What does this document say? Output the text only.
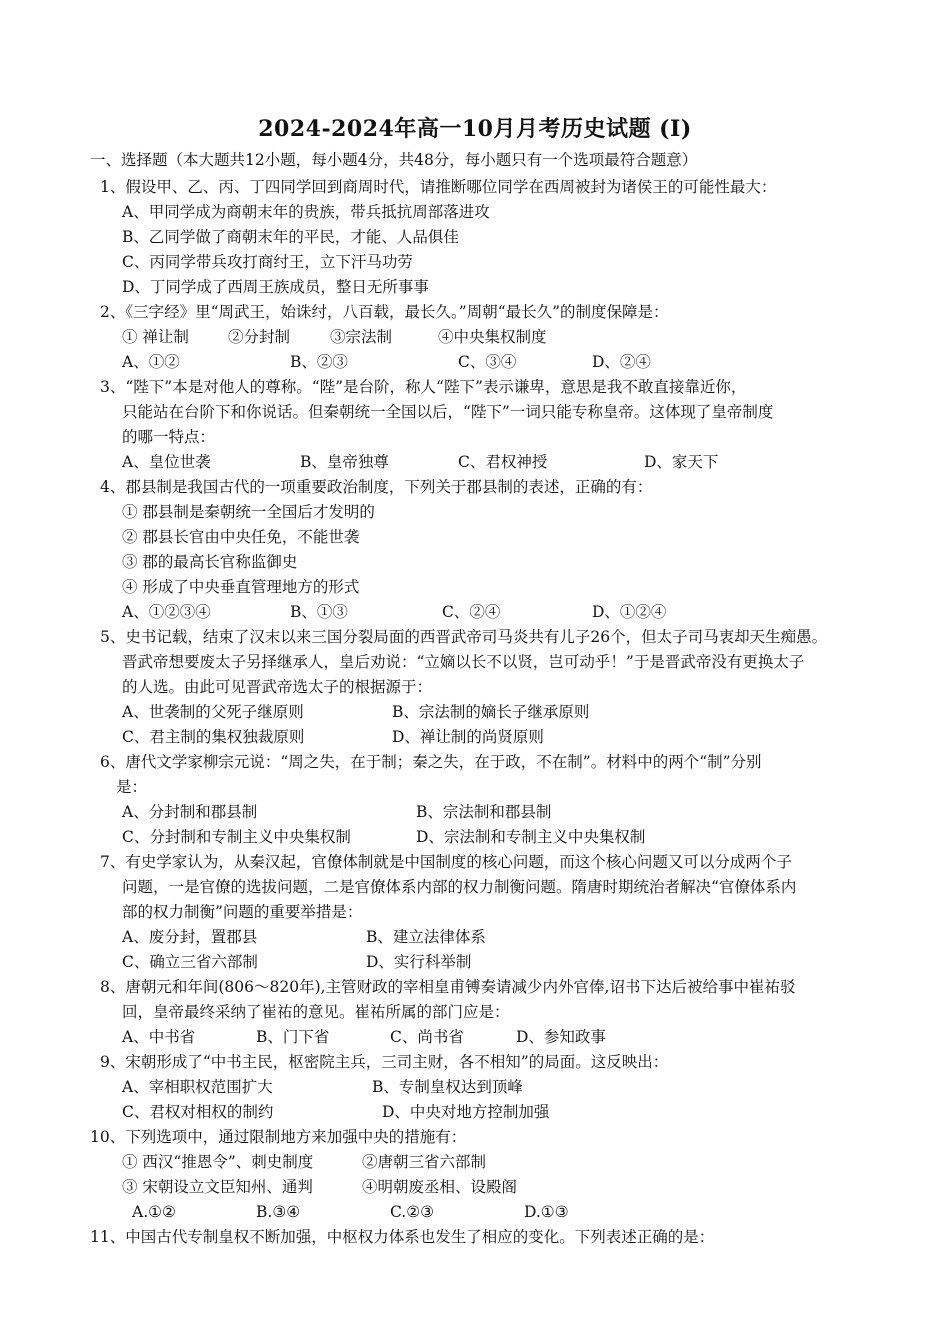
2024-2024年高一10月月考历史试题 (I)
一、选择题（本大题共12小题，每小题4分，共48分，每小题只有一个选项最符合题意）
1、假设甲、乙、丙、丁四同学回到商周时代，请推断哪位同学在西周被封为诸侯王的可能性最大：
A、甲同学成为商朝末年的贵族，带兵抵抗周部落进攻
B、乙同学做了商朝末年的平民，才能、人品俱佳
C、丙同学带兵攻打商纣王，立下汗马功劳
D、丁同学成了西周王族成员，整日无所事事
2、《三字经》里“周武王，始诛纣，八百载，最长久。”周朝“最长久”的制度保障是：
① 禅让制	②分封制	③宗法制	④中央集权制度
A、①②	B、②③	C、③④	D、②④
3、“陛下”本是对他人的尊称。“陛”是台阶，称人“陛下”表示谦卑，意思是我不敢直接靠近你，
只能站在台阶下和你说话。但秦朝统一全国以后，“陛下”一词只能专称皇帝。这体现了皇帝制度
的哪一特点：
A、皇位世袭	B、皇帝独尊	C、君权神授	D、家天下
4、郡县制是我国古代的一项重要政治制度，下列关于郡县制的表述，正确的有：
① 郡县制是秦朝统一全国后才发明的
② 郡县长官由中央任免，不能世袭
③ 郡的最高长官称监御史
④ 形成了中央垂直管理地方的形式
A、①②③④	B、①③	C、②④	D、①②④
5、史书记载，结束了汉末以来三国分裂局面的西晋武帝司马炎共有儿子26个，但太子司马衷却天生痴愚。
晋武帝想要废太子另择继承人，皇后劝说：“立嫡以长不以贤，岂可动乎！”于是晋武帝没有更换太子
的人选。由此可见晋武帝选太子的根据源于：
A、世袭制的父死子继原则	B、宗法制的嫡长子继承原则
C、君主制的集权独裁原则	D、禅让制的尚贤原则
6、唐代文学家柳宗元说：“周之失，在于制；秦之失，在于政，不在制”。材料中的两个“制”分别
是：
A、分封制和郡县制	B、宗法制和郡县制
C、分封制和专制主义中央集权制	D、宗法制和专制主义中央集权制
7、有史学家认为，从秦汉起，官僚体制就是中国制度的核心问题，而这个核心问题又可以分成两个子
问题，一是官僚的选拔问题，二是官僚体系内部的权力制衡问题。隋唐时期统治者解决“官僚体系内
部的权力制衡”问题的重要举措是：
A、废分封，置郡县	B、建立法律体系
C、确立三省六部制	D、实行科举制
8、唐朝元和年间(806～820年),主管财政的宰相皇甫镈奏请减少内外官俸,诏书下达后被给事中崔祐驳
回，皇帝最终采纳了崔祐的意见。崔祐所属的部门应是：
A、中书省	B、门下省	C、尚书省	D、参知政事
9、宋朝形成了“中书主民，枢密院主兵，三司主财，各不相知”的局面。这反映出：
A、宰相职权范围扩大	B、专制皇权达到顶峰
C、君权对相权的制约	D、中央对地方控制加强
10、下列选项中，通过限制地方来加强中央的措施有：
① 西汉“推恩令”、刺史制度	②唐朝三省六部制
③ 宋朝设立文臣知州、通判	④明朝废丞相、设殿阁
A.①②	B.③④	C.②③	D.①③
11、中国古代专制皇权不断加强，中枢权力体系也发生了相应的变化。下列表述正确的是：
